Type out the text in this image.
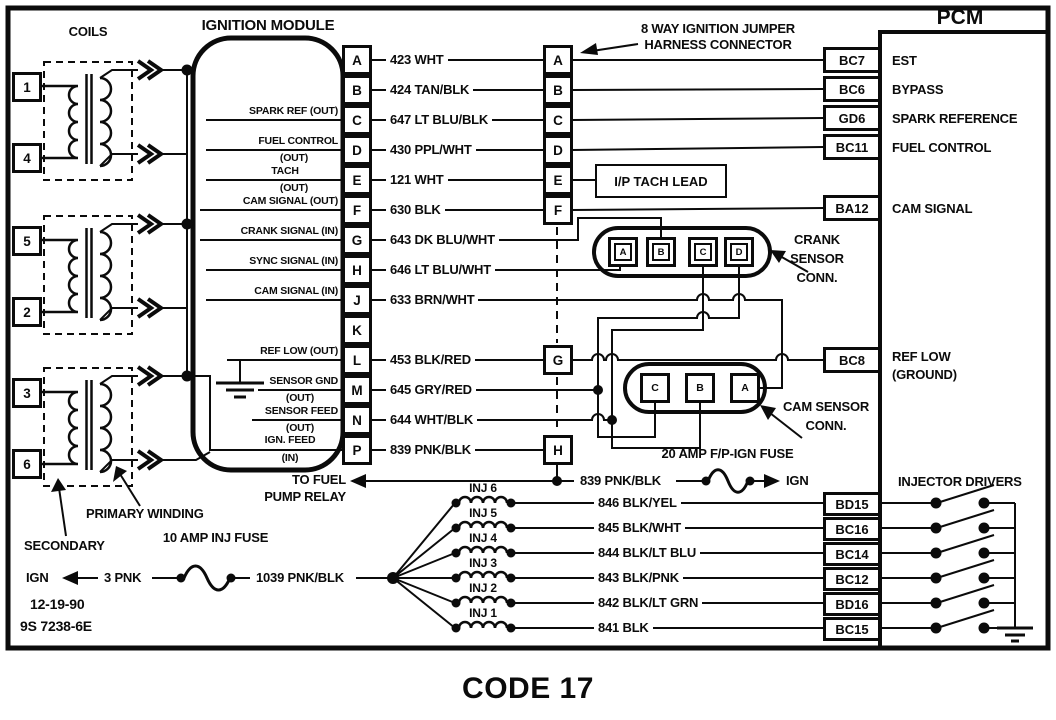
COILS	IGNITION MODULE	8 WAY IGNITION JUMPER
HARNESS CONNECTOR
PCM
A
B
C
D
E
F
G
H
J
K
L
M
N
P
A
B
C
D
E
F
G
H
1
4
5
2
3
6
SPARK REF (OUT)
FUEL CONTROL
(OUT)
TACH
(OUT)
CAM SIGNAL (OUT)
CRANK SIGNAL (IN)
SYNC SIGNAL (IN)
CAM SIGNAL (IN)
REF LOW (OUT)
SENSOR GND
(OUT)
SENSOR FEED
(OUT)
IGN. FEED
(IN)
423 WHT
424 TAN/BLK
647 LT BLU/BLK
430 PPL/WHT
121 WHT
630 BLK
643 DK BLU/WHT
646 LT BLU/WHT
633 BRN/WHT
453 BLK/RED
645 GRY/RED
644 WHT/BLK
839 PNK/BLK
I/P TACH LEAD
A	B	C	D
CRANK
SENSOR
CONN.
C	B	A
CAM SENSOR
CONN.
BC7
BC6
GD6
BC11
BA12
BC8
EST
BYPASS
SPARK REFERENCE
FUEL CONTROL
CAM SIGNAL
REF LOW
(GROUND)
INJECTOR DRIVERS
BD15
BC16
BC14
BC12
BD16
BC15
INJ 6
INJ 5
INJ 4
INJ 3
INJ 2
INJ 1
846 BLK/YEL
845 BLK/WHT
844 BLK/LT BLU
843 BLK/PNK
842 BLK/LT GRN
841 BLK
20 AMP F/P-IGN FUSE
839 PNK/BLK	IGN
TO FUEL
PUMP RELAY
10 AMP INJ FUSE
IGN	3 PNK	1039 PNK/BLK
PRIMARY WINDING
SECONDARY
12-19-90
9S 7238-6E
CODE 17
